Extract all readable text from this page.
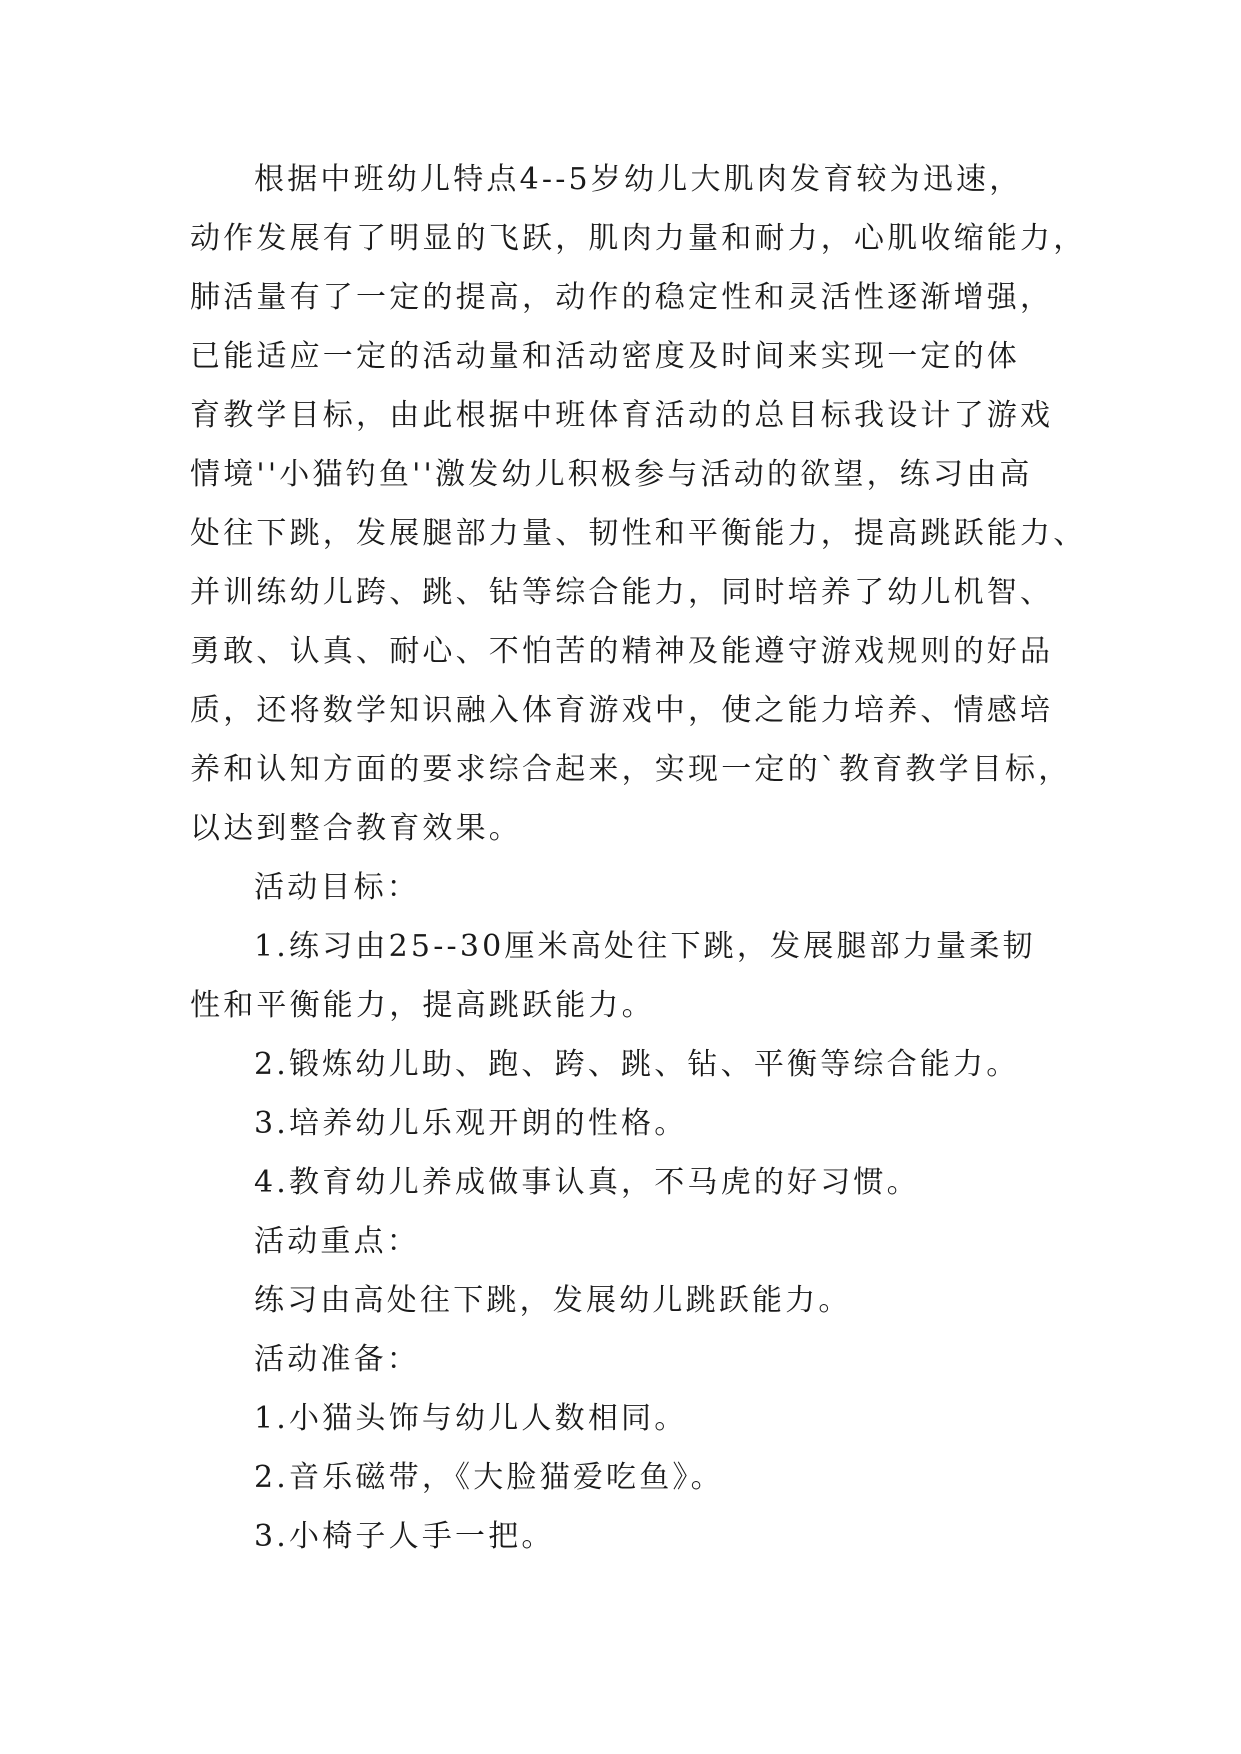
根据中班幼儿特点4--5岁幼儿大肌肉发育较为迅速，
动作发展有了明显的飞跃，肌肉力量和耐力，心肌收缩能力，
肺活量有了一定的提高，动作的稳定性和灵活性逐渐增强，
已能适应一定的活动量和活动密度及时间来实现一定的体
育教学目标，由此根据中班体育活动的总目标我设计了游戏
情境''小猫钓鱼''激发幼儿积极参与活动的欲望，练习由高
处往下跳，发展腿部力量、韧性和平衡能力，提高跳跃能力、
并训练幼儿跨、跳、钻等综合能力，同时培养了幼儿机智、
勇敢、认真、耐心、不怕苦的精神及能遵守游戏规则的好品
质，还将数学知识融入体育游戏中，使之能力培养、情感培
养和认知方面的要求综合起来，实现一定的`教育教学目标，
以达到整合教育效果。
活动目标：
1.练习由25--30厘米高处往下跳，发展腿部力量柔韧
性和平衡能力，提高跳跃能力。
2.锻炼幼儿助、跑、跨、跳、钻、平衡等综合能力。
3.培养幼儿乐观开朗的性格。
4.教育幼儿养成做事认真，不马虎的好习惯。
活动重点：
练习由高处往下跳，发展幼儿跳跃能力。
活动准备：
1.小猫头饰与幼儿人数相同。
2.音乐磁带，《大脸猫爱吃鱼》。
3.小椅子人手一把。
